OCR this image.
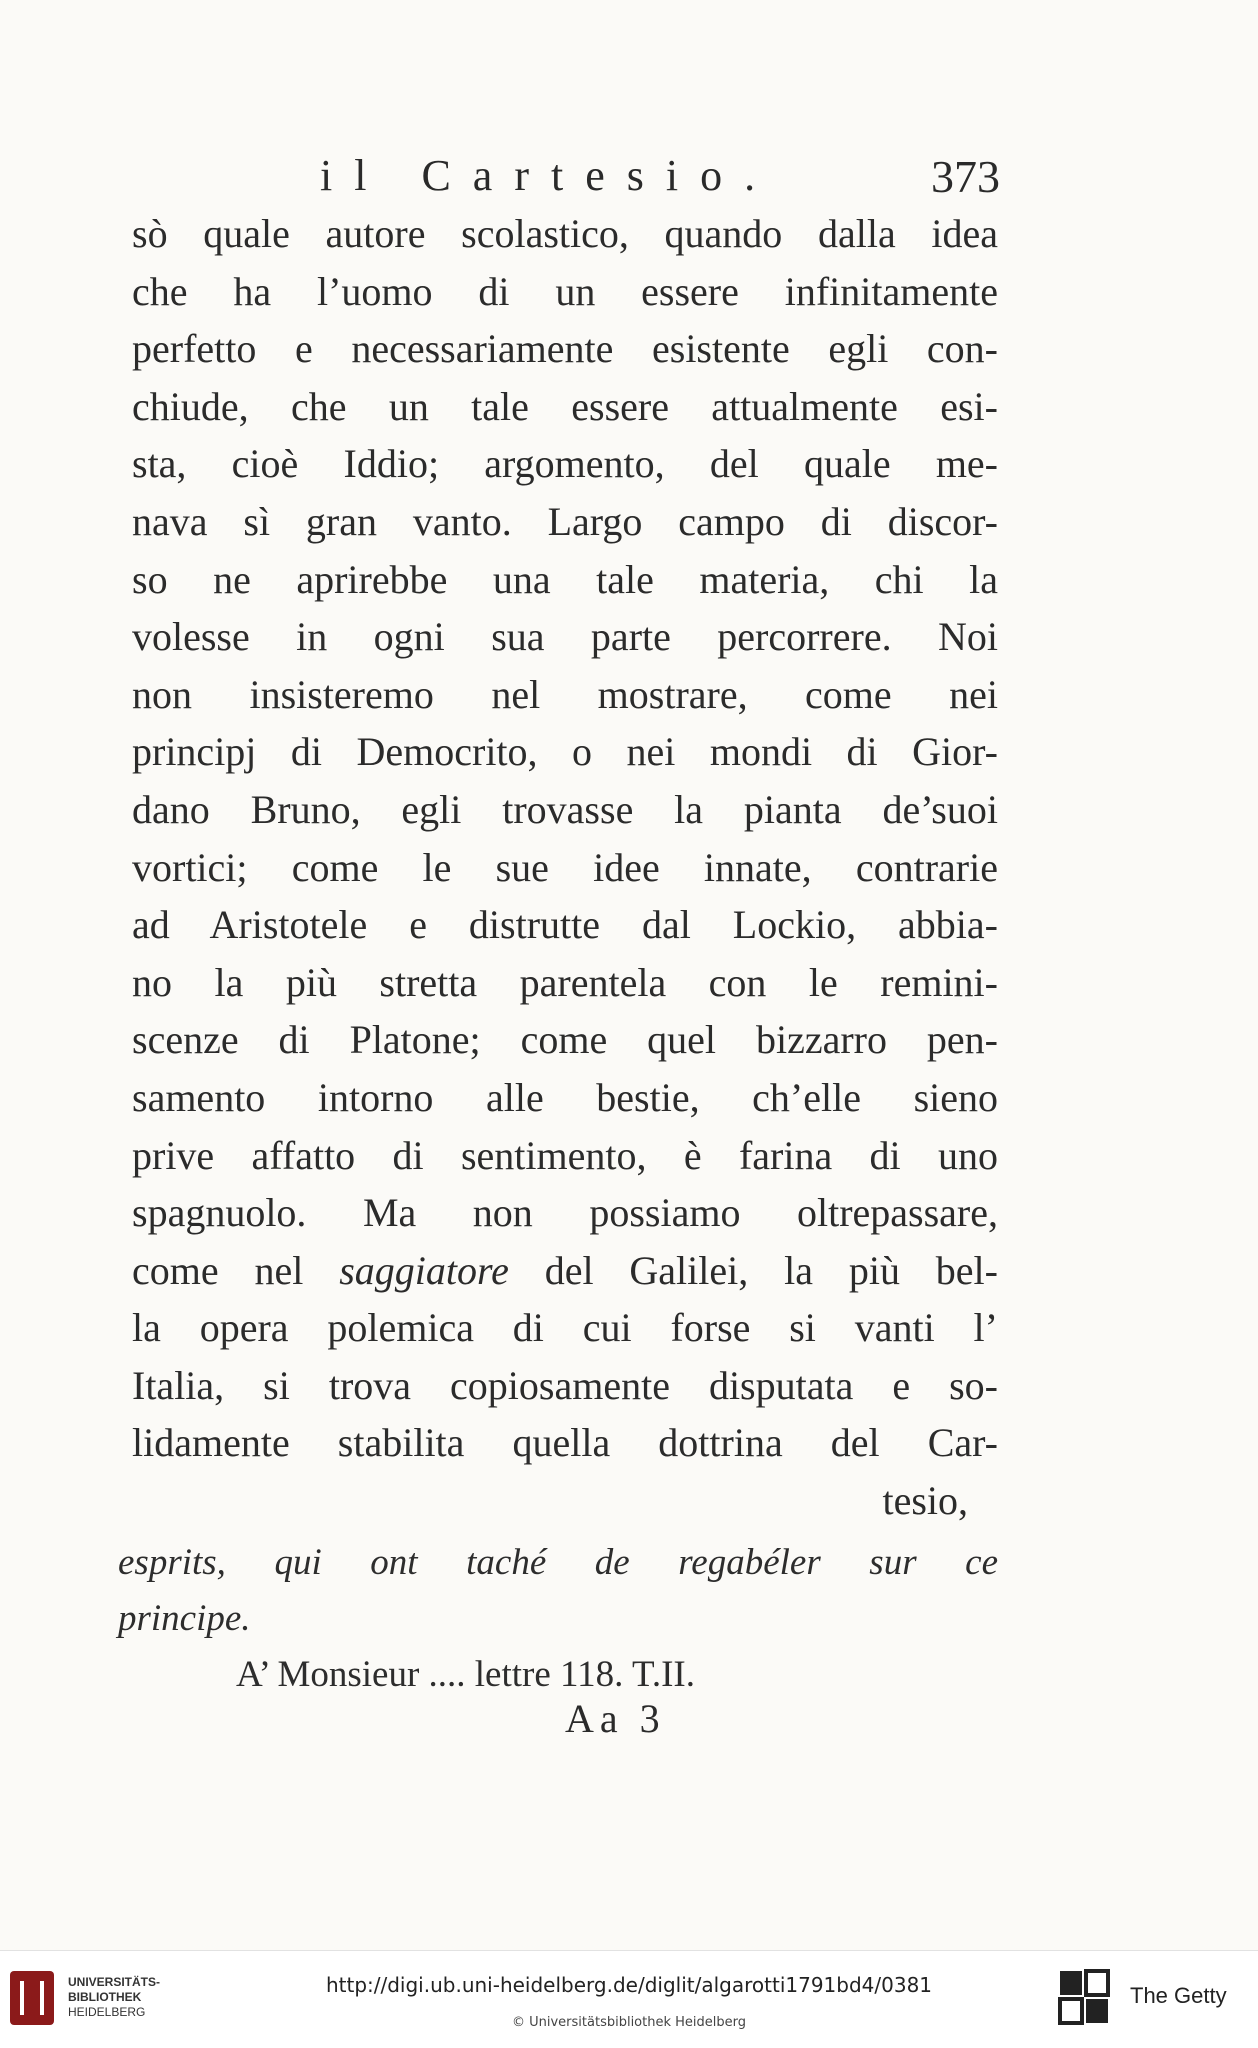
il Cartesio.	373
sò quale autore scolastico, quando dalla idea
che ha l’uomo di un essere infinitamente
perfetto e necessariamente esistente egli con-
chiude, che un tale essere attualmente esi-
sta, cioè Iddio; argomento, del quale me-
nava sì gran vanto. Largo campo di discor-
so ne aprirebbe una tale materia, chi la
volesse in ogni sua parte percorrere. Noi
non insisteremo nel mostrare, come nei
principj di Democrito, o nei mondi di Gior-
dano Bruno, egli trovasse la pianta de’suoi
vortici; come le sue idee innate, contrarie
ad Aristotele e distrutte dal Lockio, abbia-
no la più stretta parentela con le remini-
scenze di Platone; come quel bizzarro pen-
samento intorno alle bestie, ch’elle sieno
prive affatto di sentimento, è farina di uno
spagnuolo. Ma non possiamo oltrepassare,
come nel saggiatore del Galilei, la più bel-
la opera polemica di cui forse si vanti l’
Italia, si trova copiosamente disputata e so-
lidamente stabilita quella dottrina del Car-
tesio,
esprits, qui ont taché de regabéler sur ce
principe.
A’ Monsieur .... lettre 118. T.II.
Aa 3
UNIVERSITÄTS-
BIBLIOTHEK
HEIDELBERG
http://digi.ub.uni-heidelberg.de/diglit/algarotti1791bd4/0381
© Universitätsbibliothek Heidelberg
The Getty
